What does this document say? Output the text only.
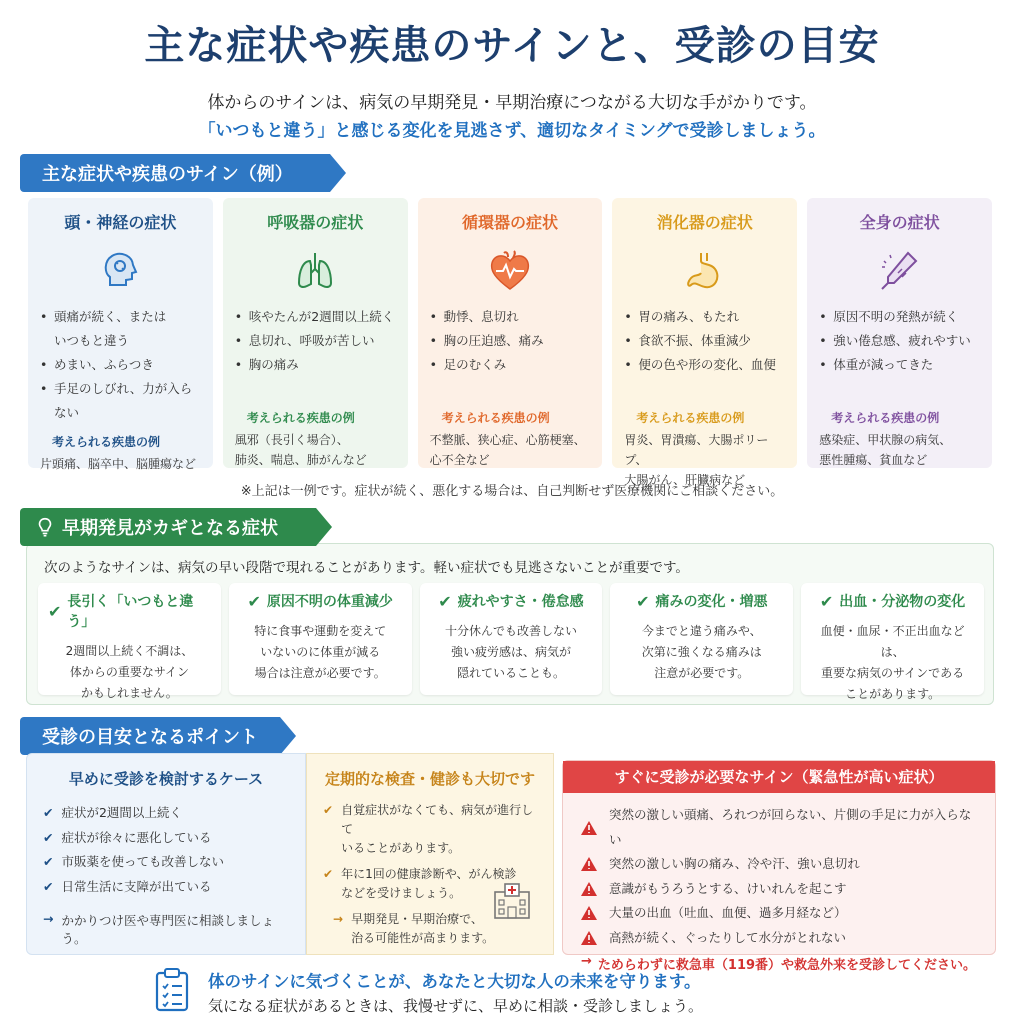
主な症状や疾患のサインと、受診の目安
体からのサインは、病気の早期発見・早期治療につながる大切な手がかりです。
「いつもと違う」と感じる変化を見逃さず、適切なタイミングで受診しましょう。
主な症状や疾患のサイン（例）
頭・神経の症状
• 頭痛が続く、または
いつもと違う
• めまい、ふらつき
• 手足のしびれ、力が入らない
考えられる疾患の例
片頭痛、脳卒中、脳腫瘍など
呼吸器の症状
• 咳やたんが2週間以上続く
• 息切れ、呼吸が苦しい
• 胸の痛み
考えられる疾患の例
風邪（長引く場合）、
肺炎、喘息、肺がんなど
循環器の症状
• 動悸、息切れ
• 胸の圧迫感、痛み
• 足のむくみ
考えられる疾患の例
不整脈、狭心症、心筋梗塞、
心不全など
消化器の症状
• 胃の痛み、もたれ
• 食欲不振、体重減少
• 便の色や形の変化、血便
考えられる疾患の例
胃炎、胃潰瘍、大腸ポリープ、
大腸がん、肝臓病など
全身の症状
• 原因不明の発熱が続く
• 強い倦怠感、疲れやすい
• 体重が減ってきた
考えられる疾患の例
感染症、甲状腺の病気、
悪性腫瘍、貧血など
※上記は一例です。症状が続く、悪化する場合は、自己判断せず医療機関にご相談ください。
早期発見がカギとなる症状
次のようなサインは、病気の早い段階で現れることがあります。軽い症状でも見逃さないことが重要です。
✔ 長引く「いつもと違う」

2週間以上続く不調は、
体からの重要なサイン
かもしれません。

✔ 原因不明の体重減少

特に食事や運動を変えて
いないのに体重が減る
場合は注意が必要です。

✔ 疲れやすさ・倦怠感

十分休んでも改善しない
強い疲労感は、病気が
隠れていることも。

✔ 痛みの変化・増悪

今までと違う痛みや、
次第に強くなる痛みは
注意が必要です。

✔ 出血・分泌物の変化

血便・血尿・不正出血などは、
重要な病気のサインである
ことがあります。

受診の目安となるポイント
早めに受診を検討するケース
✔ 症状が2週間以上続く
✔ 症状が徐々に悪化している
✔ 市販薬を使っても改善しない
✔ 日常生活に支障が出ている
→ かかりつけ医や専門医に相談しましょう。
定期的な検査・健診も大切です
✔ 自覚症状がなくても、病気が進行して
いることがあります。
✔ 年に1回の健康診断や、がん検診
などを受けましょう。
→ 早期発見・早期治療で、
治る可能性が高まります。
すぐに受診が必要なサイン（緊急性が高い症状）
突然の激しい頭痛、ろれつが回らない、片側の手足に力が入らない
突然の激しい胸の痛み、冷や汗、強い息切れ
意識がもうろうとする、けいれんを起こす
大量の出血（吐血、血便、過多月経など）
高熱が続く、ぐったりして水分がとれない
→ ためらわずに救急車（119番）や救急外来を受診してください。
体のサインに気づくことが、あなたと大切な人の未来を守ります。
気になる症状があるときは、我慢せずに、早めに相談・受診しましょう。
